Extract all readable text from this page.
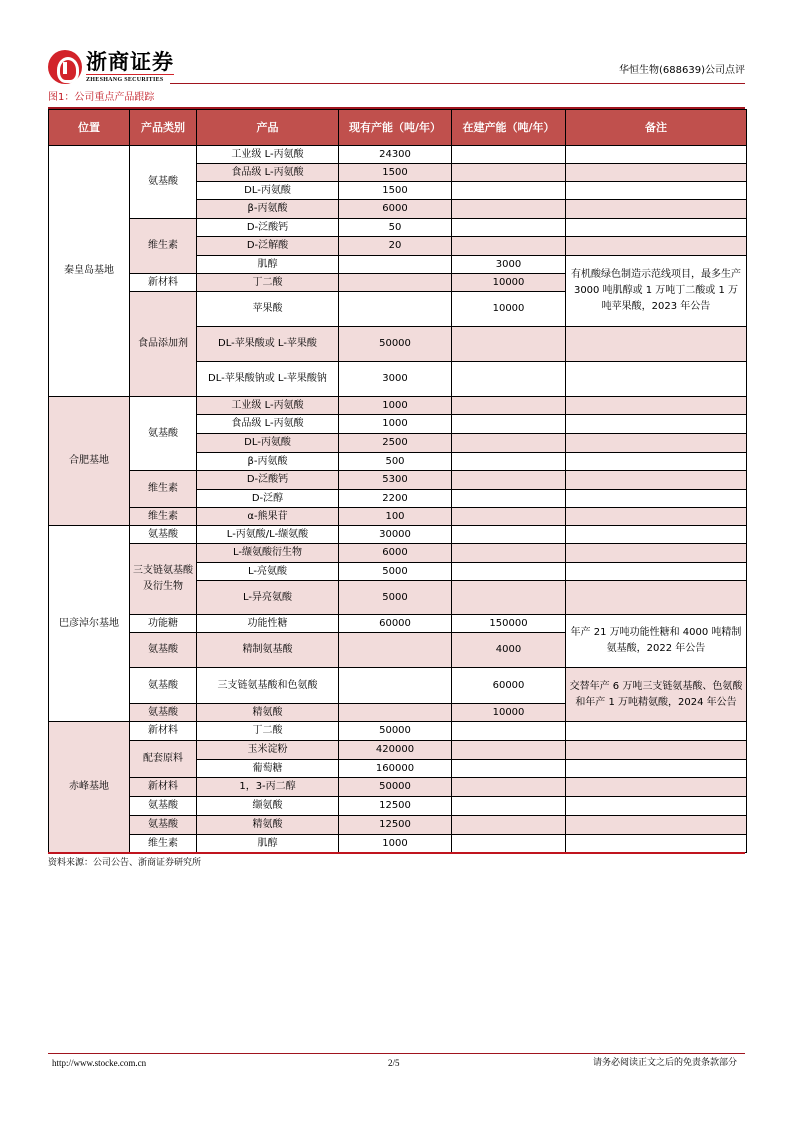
浙商证券
ZHESHANG SECURITIES
华恒生物(688639)公司点评
图1：公司重点产品跟踪
位置	产品类别	产品	现有产能（吨/年）	在建产能（吨/年）	备注
秦皇岛基地	氨基酸	工业级 L-丙氨酸	24300		
		食品级 L-丙氨酸	1500		
		DL-丙氨酸	1500		
		β-丙氨酸	6000		
	维生素	D-泛酸钙	50		
		D-泛解酸	20		
		肌醇		3000	有机酸绿色制造示范线项目，最多生产 3000 吨肌醇或 1 万吨丁二酸或 1 万吨苹果酸，2023 年公告
	新材料	丁二酸		10000	
	食品添加剂	苹果酸		10000	
		DL-苹果酸或 L-苹果酸	50000		
		DL-苹果酸钠或 L-苹果酸钠	3000		
合肥基地	氨基酸	工业级 L-丙氨酸	1000		
		食品级 L-丙氨酸	1000		
		DL-丙氨酸	2500		
		β-丙氨酸	500		
	维生素	D-泛酸钙	5300		
		D-泛醇	2200		
	维生素	α-熊果苷	100		
巴彦淖尔基地	氨基酸	L-丙氨酸/L-缬氨酸	30000		
	三支链氨基酸及衍生物	L-缬氨酸衍生物	6000		
		L-亮氨酸	5000		
		L-异亮氨酸	5000		
	功能糖	功能性糖	60000	150000	年产 21 万吨功能性糖和 4000 吨精制氨基酸，2022 年公告
	氨基酸	精制氨基酸		4000	
	氨基酸	三支链氨基酸和色氨酸		60000	交替年产 6 万吨三支链氨基酸、色氨酸和年产 1 万吨精氨酸，2024 年公告
	氨基酸	精氨酸		10000	
赤峰基地	新材料	丁二酸	50000		
	配套原料	玉米淀粉	420000		
		葡萄糖	160000		
	新材料	1，3-丙二醇	50000		
	氨基酸	缬氨酸	12500		
	氨基酸	精氨酸	12500		
	维生素	肌醇	1000		
资料来源：公司公告、浙商证券研究所
http://www.stocke.com.cn	2/5	请务必阅读正文之后的免责条款部分
